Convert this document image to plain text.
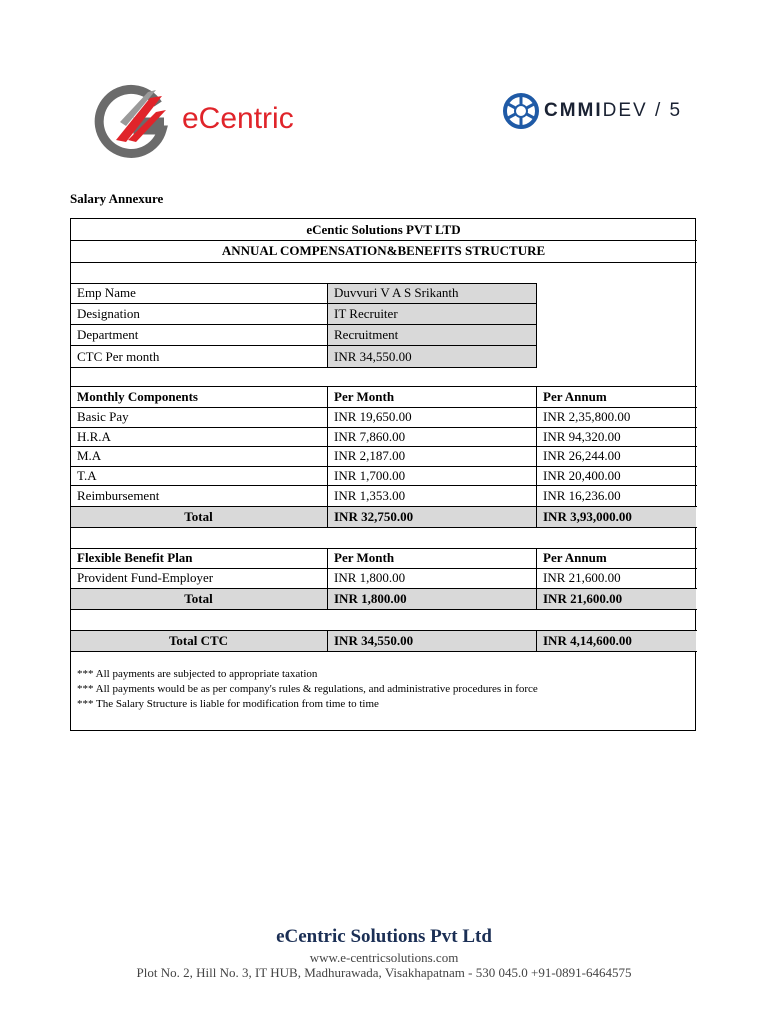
eCentric	CMMIDEV / 5
Salary Annexure
eCentic Solutions PVT LTD
ANNUAL COMPENSATION&BENEFITS STRUCTURE
Emp Name	Duvvuri V A S Srikanth
Designation	IT Recruiter
Department	Recruitment
CTC Per month	INR 34,550.00
Monthly Components	Per Month	Per Annum
Basic Pay	INR 19,650.00	INR 2,35,800.00
H.R.A	INR 7,860.00	INR 94,320.00
M.A	INR 2,187.00	INR 26,244.00
T.A	INR 1,700.00	INR 20,400.00
Reimbursement	INR 1,353.00	INR 16,236.00
Total	INR 32,750.00	INR 3,93,000.00
Flexible Benefit Plan	Per Month	Per Annum
Provident Fund-Employer	INR 1,800.00	INR 21,600.00
Total	INR 1,800.00	INR 21,600.00
Total CTC	INR 34,550.00	INR 4,14,600.00
*** All payments are subjected to appropriate taxation
*** All payments would be as per company's rules & regulations, and administrative procedures in force
*** The Salary Structure is liable for modification from time to time
eCentric Solutions Pvt Ltd
www.e-centricsolutions.com
Plot No. 2, Hill No. 3, IT HUB, Madhurawada, Visakhapatnam - 530 045.0 +91-0891-6464575
